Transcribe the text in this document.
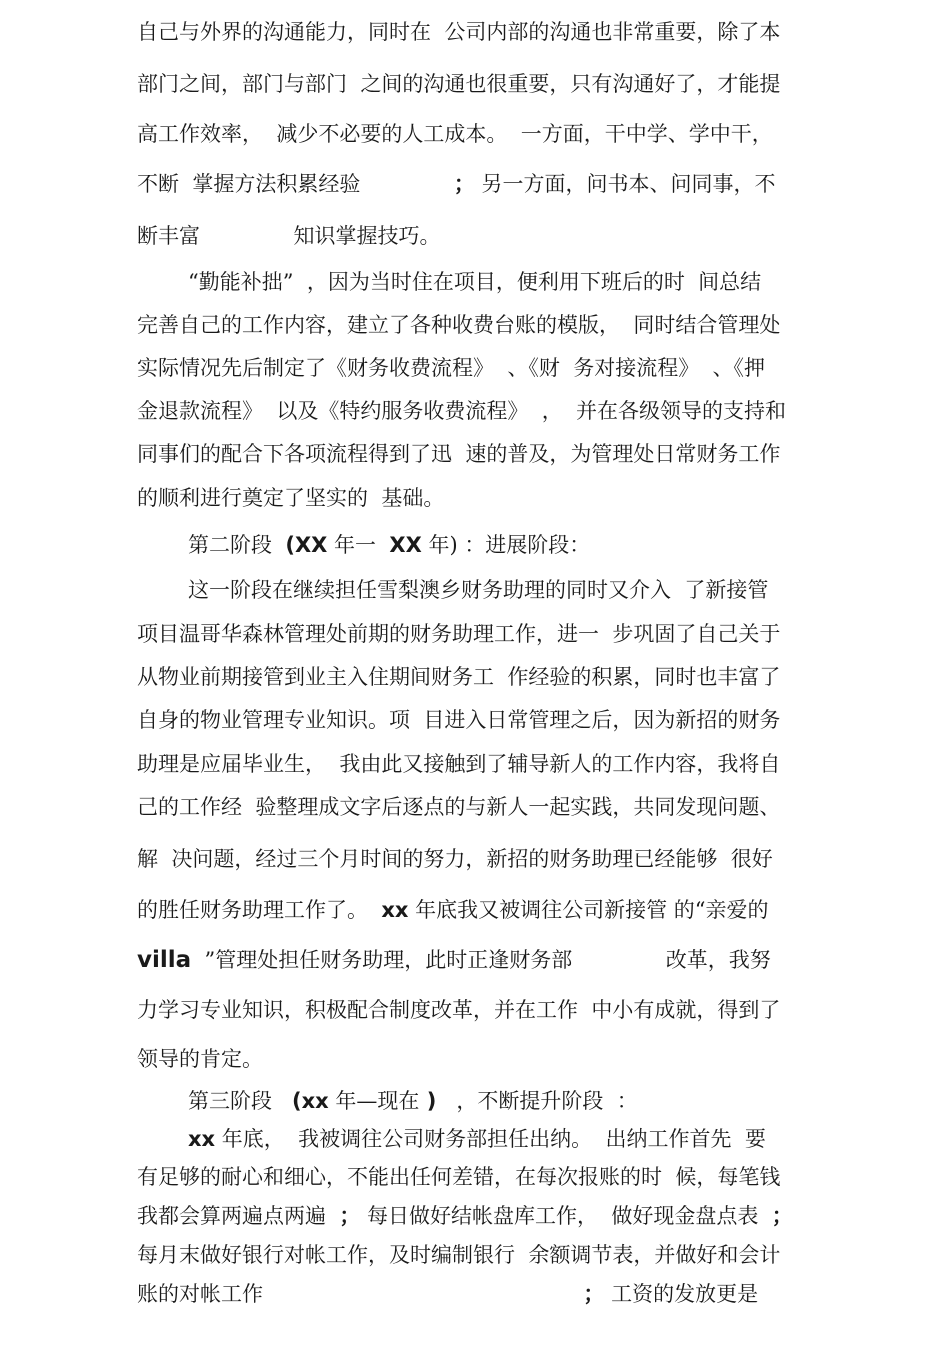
自己与外界的沟通能力，同时在  公司内部的沟通也非常重要，除了本
部门之间，部门与部门  之间的沟通也很重要，只有沟通好了，才能提
高工作效率，  减少不必要的人工成本。  一方面，干中学、学中干，
不断  掌握方法积累经验              ； 另一方面，问书本、问同事，不
断丰富              知识掌握技巧。
“勤能补拙”  ，因为当时住在项目，便利用下班后的时  间总结
完善自己的工作内容，建立了各种收费台账的模版，  同时结合管理处
实际情况先后制定了《财务收费流程》  、《财  务对接流程》  、《押
金退款流程》  以及《特约服务收费流程》  ，  并在各级领导的支持和
同事们的配合下各项流程得到了迅  速的普及，为管理处日常财务工作
的顺利进行奠定了坚实的  基础。
第二阶段  (XX 年一  XX 年) ：进展阶段：
这一阶段在继续担任雪梨澳乡财务助理的同时又介入  了新接管
项目温哥华森林管理处前期的财务助理工作，进一  步巩固了自己关于
从物业前期接管到业主入住期间财务工  作经验的积累，同时也丰富了
自身的物业管理专业知识。项  目进入日常管理之后，因为新招的财务
助理是应届毕业生，  我由此又接触到了辅导新人的工作内容，我将自
己的工作经  验整理成文字后逐点的与新人一起实践，共同发现问题、
解  决问题，经过三个月时间的努力，新招的财务助理已经能够  很好
的胜任财务助理工作了。  xx 年底我又被调往公司新接管 的“亲爱的
villa  ”管理处担任财务助理，此时正逢财务部              改革，我努
力学习专业知识，积极配合制度改革，并在工作  中小有成就，得到了
领导的肯定。
第三阶段   (xx 年—现在 )   ，不断提升阶段  ：
xx 年底，  我被调往公司财务部担任出纳。  出纳工作首先  要
有足够的耐心和细心，不能出任何差错，在每次报账的时  候，每笔钱
我都会算两遍点两遍  ； 每日做好结帐盘库工作，  做好现金盘点表  ；
每月末做好银行对帐工作，及时编制银行  余额调节表，并做好和会计
账的对帐工作                                                ； 工资的发放更是
